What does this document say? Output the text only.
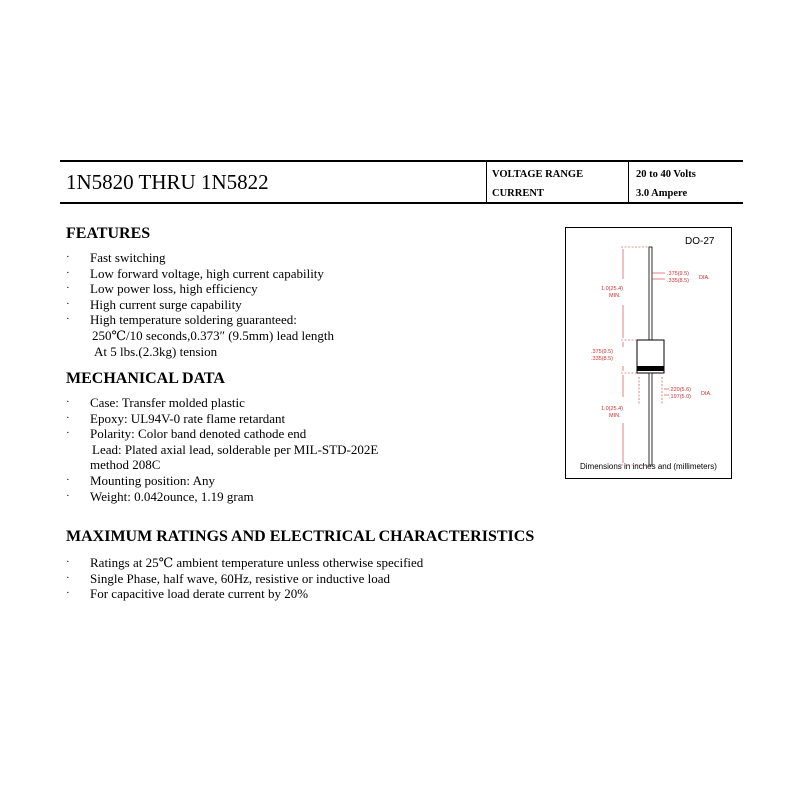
1N5820 THRU 1N5822	VOLTAGE RANGE	20 to 40 Volts
CURRENT	3.0 Ampere
FEATURES
· Fast switching
· Low forward voltage, high current capability
· Low power loss, high efficiency
· High current surge capability
· High temperature soldering guaranteed:
250℃/10 seconds,0.373″ (9.5mm) lead length
At 5 lbs.(2.3kg) tension
MECHANICAL DATA
· Case: Transfer molded plastic
· Epoxy: UL94V-0 rate flame retardant
· Polarity: Color band denoted cathode end
Lead: Plated axial lead, solderable per MIL-STD-202E
method 208C
· Mounting position: Any
· Weight: 0.042ounce, 1.19 gram
MAXIMUM RATINGS AND ELECTRICAL CHARACTERISTICS
· Ratings at 25℃ ambient temperature unless otherwise specified
· Single Phase, half wave, 60Hz, resistive or inductive load
· For capacitive load derate current by 20%
DO-27
1.0(25.4)
MIN.
.375(9.5)
.335(8.5) DIA.
.375(9.5)
.335(8.5)
.220(5.6)
.197(5.0) DIA.
1.0(25.4)
MIN.
Dimensions in inches and (millimeters)
